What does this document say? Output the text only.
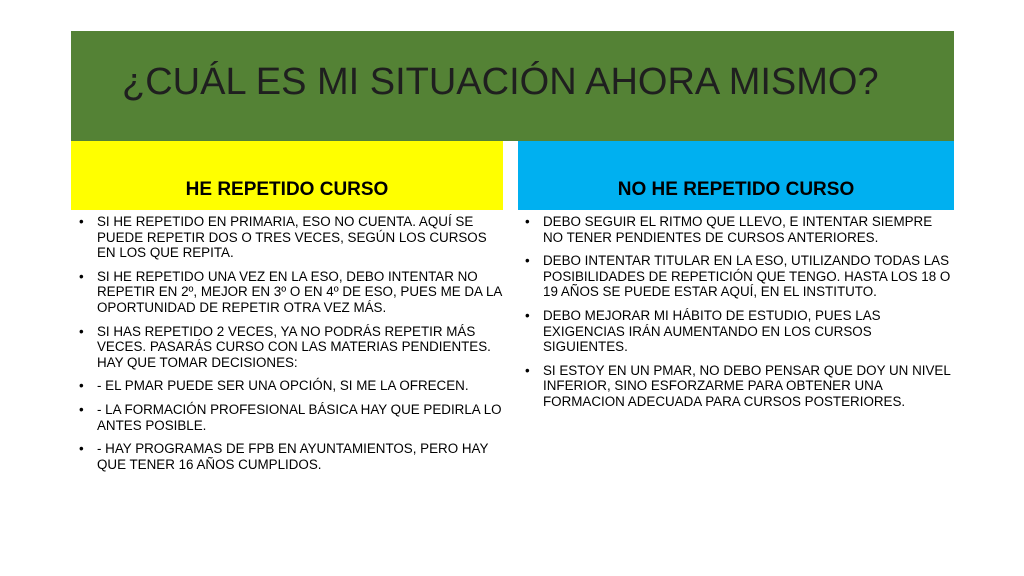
¿CUÁL ES MI SITUACIÓN AHORA MISMO?
HE REPETIDO CURSO	NO HE REPETIDO CURSO
• SI HE REPETIDO EN PRIMARIA, ESO NO CUENTA. AQUÍ SE PUEDE REPETIR DOS O TRES VECES, SEGÚN LOS CURSOS EN LOS QUE REPITA.
• SI HE REPETIDO UNA VEZ EN LA ESO, DEBO INTENTAR NO REPETIR EN 2º, MEJOR EN 3º O EN 4º DE ESO, PUES ME DA LA OPORTUNIDAD DE REPETIR OTRA VEZ MÁS.
• SI HAS REPETIDO 2 VECES, YA NO PODRÁS REPETIR MÁS VECES. PASARÁS CURSO CON LAS MATERIAS PENDIENTES. HAY QUE TOMAR DECISIONES:
• - EL PMAR PUEDE SER UNA OPCIÓN, SI ME LA OFRECEN.
• - LA FORMACIÓN PROFESIONAL BÁSICA HAY QUE PEDIRLA LO ANTES POSIBLE.
• - HAY PROGRAMAS DE FPB EN AYUNTAMIENTOS, PERO HAY QUE TENER 16 AÑOS CUMPLIDOS.
• DEBO SEGUIR EL RITMO QUE LLEVO, E INTENTAR SIEMPRE NO TENER PENDIENTES DE CURSOS ANTERIORES.
• DEBO INTENTAR TITULAR EN LA ESO, UTILIZANDO TODAS LAS POSIBILIDADES DE REPETICIÓN QUE TENGO. HASTA LOS 18 O 19 AÑOS SE PUEDE ESTAR AQUÍ, EN EL INSTITUTO.
• DEBO MEJORAR MI HÁBITO DE ESTUDIO, PUES LAS EXIGENCIAS IRÁN AUMENTANDO EN LOS CURSOS SIGUIENTES.
• SI ESTOY EN UN PMAR, NO DEBO PENSAR QUE DOY UN NIVEL INFERIOR, SINO ESFORZARME PARA OBTENER UNA FORMACION ADECUADA PARA CURSOS POSTERIORES.
